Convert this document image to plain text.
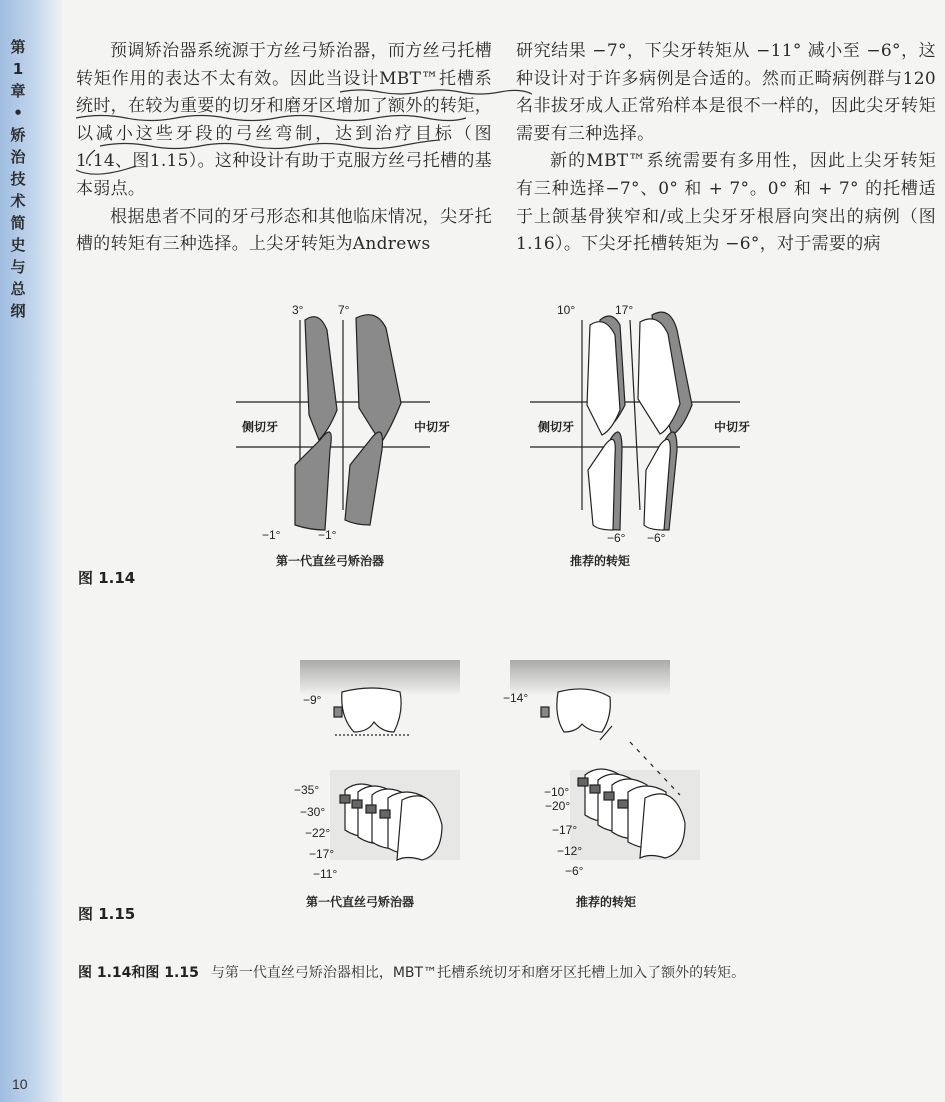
第1章•矫治技术简史与总纲
10

预调矫治器系统源于方丝弓矫治器，而方丝弓托槽转矩作用的表达不太有效。因此当设计MBT™托槽系统时，在较为重要的切牙和磨牙区增加了额外的转矩，以减小这些牙段的弓丝弯制，达到治疗目标（图1.14、图1.15）。这种设计有助于克服方丝弓托槽的基本弱点。

根据患者不同的牙弓形态和其他临床情况，尖牙托槽的转矩有三种选择。上尖牙转矩为Andrews

研究结果 −7°，下尖牙转矩从 −11° 减小至 −6°，这种设计对于许多病例是合适的。然而正畸病例群与120名非拔牙成人正常殆样本是很不一样的，因此尖牙转矩需要有三种选择。

新的MBT™系统需要有多用性，因此上尖牙转矩有三种选择−7°、0° 和 + 7°。0° 和 + 7° 的托槽适于上颌基骨狭窄和/或上尖牙牙根唇向突出的病例（图 1.16）。下尖牙托槽转矩为 −6°，对于需要的病

3°	7°
侧切牙	中切牙
−1°	−1°
第一代直丝弓矫治器
10°	17°
侧切牙	中切牙
−6° −6°
推荐的转矩
图 1.14
−9°
−35°
−30°
−22°
−17°
−11°
第一代直丝弓矫治器
−14°
−10°
−20°
−17°
−12°
−6°
推荐的转矩
图 1.15
图 1.14和图 1.15 与第一代直丝弓矫治器相比，MBT™托槽系统切牙和磨牙区托槽上加入了额外的转矩。
